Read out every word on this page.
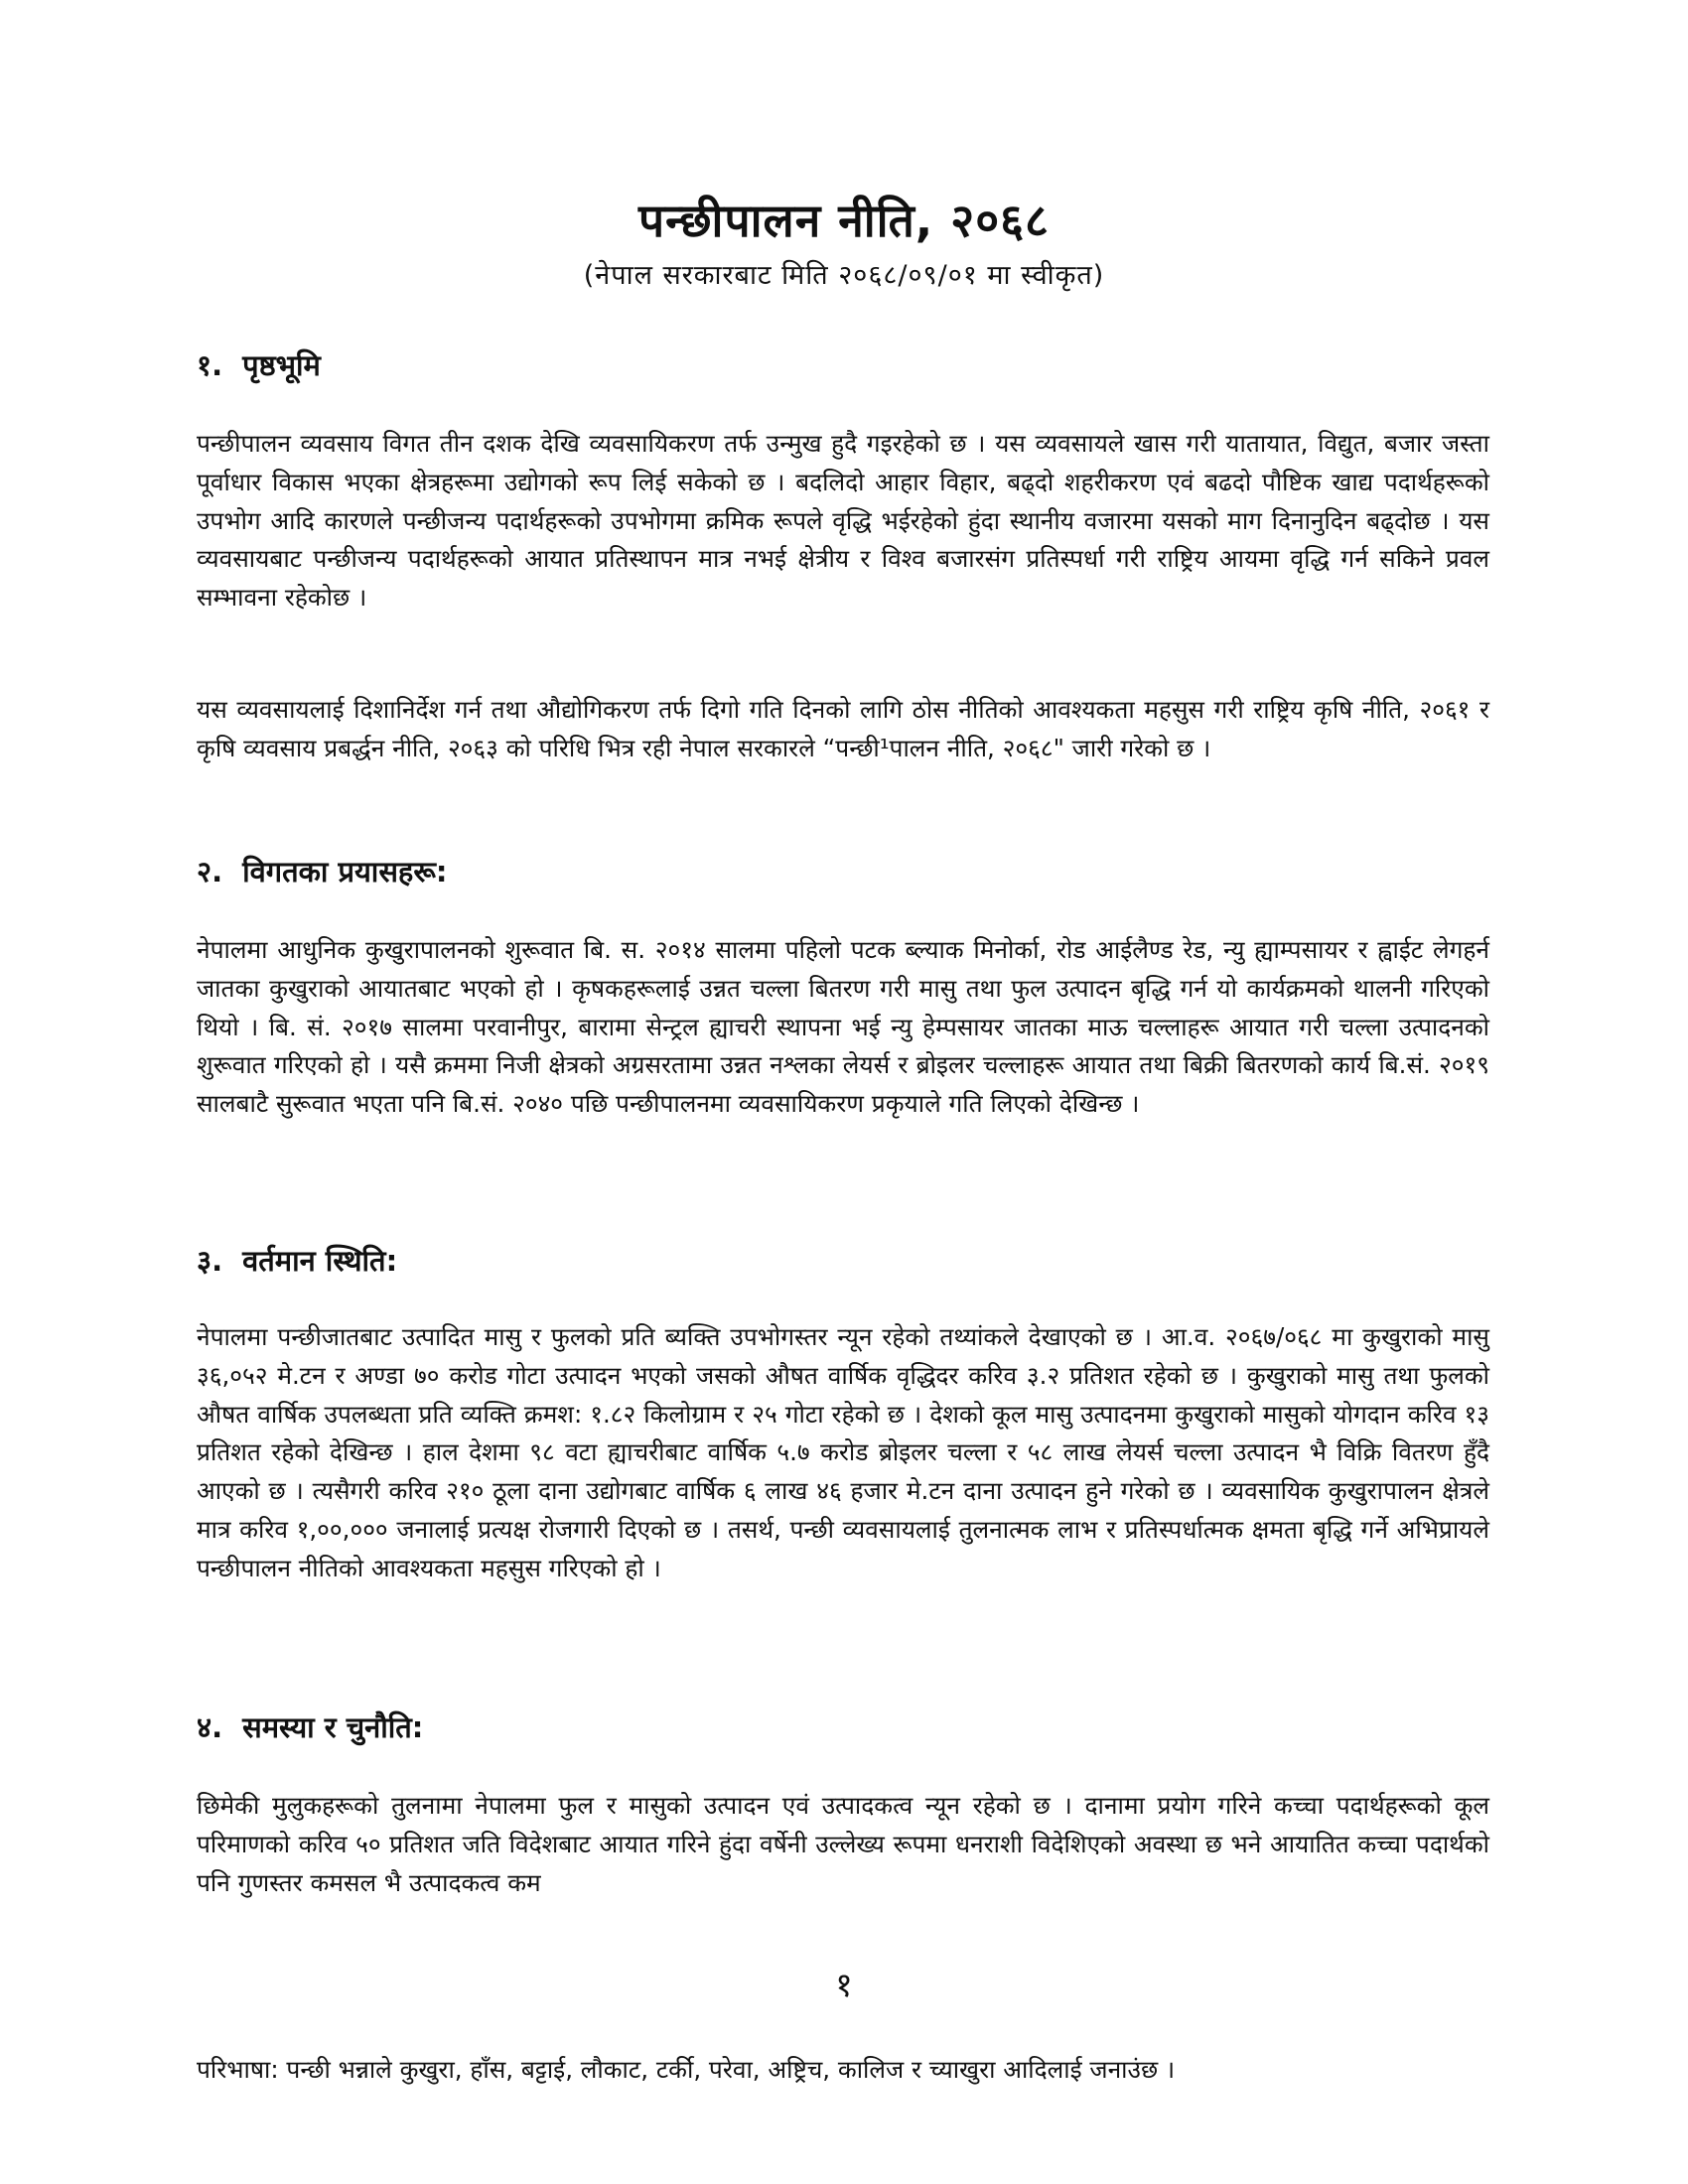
पन्छीपालन नीति, २०६८
(नेपाल सरकारबाट मिति २०६८/०९/०१ मा स्वीकृत)
१. पृष्ठभूमि
पन्छीपालन व्यवसाय विगत तीन दशक देखि व्यवसायिकरण तर्फ उन्मुख हुदै गइरहेको छ । यस व्यवसायले खास गरी यातायात, विद्युत, बजार जस्ता पूर्वाधार विकास भएका क्षेत्रहरूमा उद्योगको रूप लिई सकेको छ । बदलिदो आहार विहार, बढ्दो शहरीकरण एवं बढदो पौष्टिक खाद्य पदार्थहरूको उपभोग आदि कारणले पन्छीजन्य पदार्थहरूको उपभोगमा क्रमिक रूपले वृद्धि भईरहेको हुंदा स्थानीय वजारमा यसको माग दिनानुदिन बढ्दोछ । यस व्यवसायबाट पन्छीजन्य पदार्थहरूको आयात प्रतिस्थापन मात्र नभई क्षेत्रीय र विश्व बजारसंग प्रतिस्पर्धा गरी राष्ट्रिय आयमा वृद्धि गर्न सकिने प्रवल सम्भावना रहेकोछ ।
यस व्यवसायलाई दिशानिर्देश गर्न तथा औद्योगिकरण तर्फ दिगो गति दिनको लागि ठोस नीतिको आवश्यकता महसुस गरी राष्ट्रिय कृषि नीति, २०६१ र कृषि व्यवसाय प्रबर्द्धन नीति, २०६३ को परिधि भित्र रही नेपाल सरकारले “पन्छी¹पालन नीति, २०६८" जारी गरेको छ ।
२. विगतका प्रयासहरू:
नेपालमा आधुनिक कुखुरापालनको शुरूवात बि. स. २०१४ सालमा पहिलो पटक ब्ल्याक मिनोर्का, रोड आईलैण्ड रेड, न्यु ह्याम्पसायर र ह्वाईट लेगहर्न जातका कुखुराको आयातबाट भएको हो । कृषकहरूलाई उन्नत चल्ला बितरण गरी मासु तथा फुल उत्पादन बृद्धि गर्न यो कार्यक्रमको थालनी गरिएको थियो । बि. सं. २०१७ सालमा परवानीपुर, बारामा सेन्ट्रल ह्याचरी स्थापना भई न्यु हेम्पसायर जातका माऊ चल्लाहरू आयात गरी चल्ला उत्पादनको शुरूवात गरिएको हो । यसै क्रममा निजी क्षेत्रको अग्रसरतामा उन्नत नश्लका लेयर्स र ब्रोइलर चल्लाहरू आयात तथा बिक्री बितरणको कार्य बि.सं. २०१९ सालबाटै सुरूवात भएता पनि बि.सं. २०४० पछि पन्छीपालनमा व्यवसायिकरण प्रकृयाले गति लिएको देखिन्छ ।
३. वर्तमान स्थिति:
नेपालमा पन्छीजातबाट उत्पादित मासु र फुलको प्रति ब्यक्ति उपभोगस्तर न्यून रहेको तथ्यांकले देखाएको छ । आ.व. २०६७/०६८ मा कुखुराको मासु ३६,०५२ मे.टन र अण्डा ७० करोड गोटा उत्पादन भएको जसको औषत वार्षिक वृद्धिदर करिव ३.२ प्रतिशत रहेको छ । कुखुराको मासु तथा फुलको औषत वार्षिक उपलब्धता प्रति व्यक्ति क्रमश: १.८२ किलोग्राम र २५ गोटा रहेको छ । देशको कूल मासु उत्पादनमा कुखुराको मासुको योगदान करिव १३ प्रतिशत रहेको देखिन्छ । हाल देशमा ९८ वटा ह्याचरीबाट वार्षिक ५.७ करोड ब्रोइलर चल्ला र ५८ लाख लेयर्स चल्ला उत्पादन भै विक्रि वितरण हुँदै आएको छ । त्यसैगरी करिव २१० ठूला दाना उद्योगबाट वार्षिक ६ लाख ४६ हजार मे.टन दाना उत्पादन हुने गरेको छ । व्यवसायिक कुखुरापालन क्षेत्रले मात्र करिव १,००,००० जनालाई प्रत्यक्ष रोजगारी दिएको छ । तसर्थ, पन्छी व्यवसायलाई तुलनात्मक लाभ र प्रतिस्पर्धात्मक क्षमता बृद्धि गर्ने अभिप्रायले पन्छीपालन नीतिको आवश्यकता महसुस गरिएको हो ।
४. समस्या र चुनौति:
छिमेकी मुलुकहरूको तुलनामा नेपालमा फुल र मासुको उत्पादन एवं उत्पादकत्व न्यून रहेको छ । दानामा प्रयोग गरिने कच्चा पदार्थहरूको कूल परिमाणको करिव ५० प्रतिशत जति विदेशबाट आयात गरिने हुंदा वर्षेनी उल्लेख्य रूपमा धनराशी विदेशिएको अवस्था छ भने आयातित कच्चा पदार्थको पनि गुणस्तर कमसल भै उत्पादकत्व कम
१
परिभाषा: पन्छी भन्नाले कुखुरा, हाँस, बट्टाई, लौकाट, टर्की, परेवा, अष्ट्रिच, कालिज र च्याखुरा आदिलाई जनाउंछ ।
